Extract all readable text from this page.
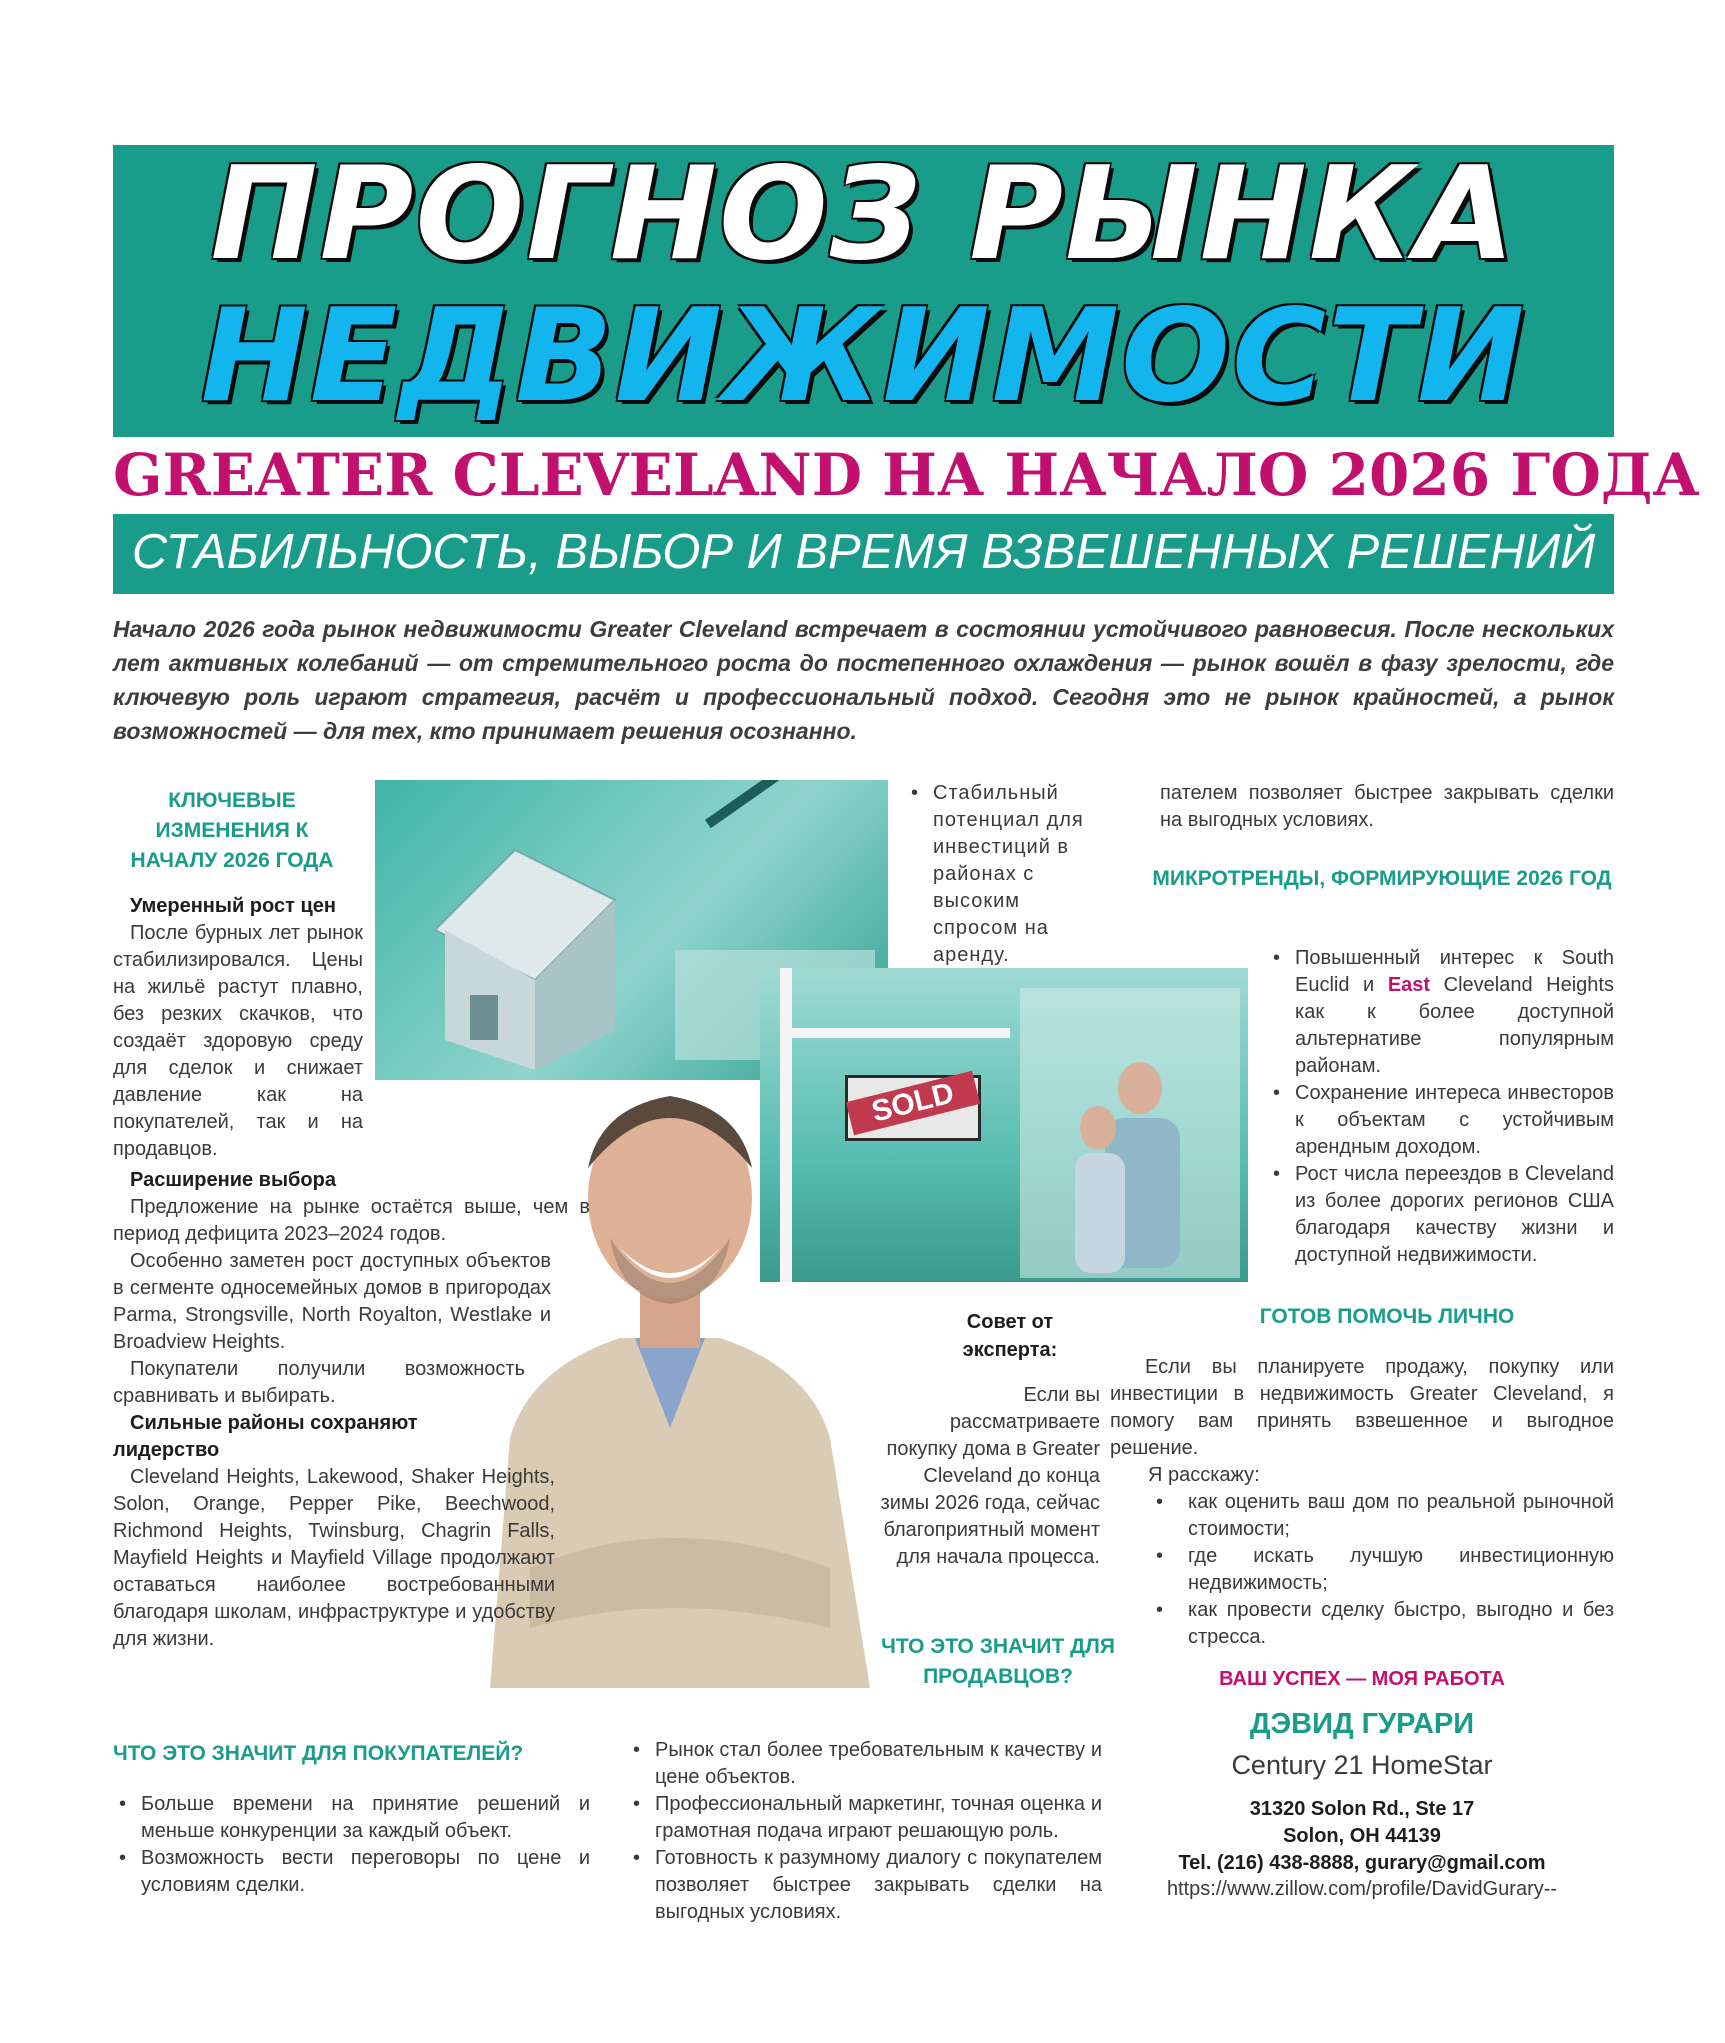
ПРОГНОЗ РЫНКА
НЕДВИЖИМОСТИ
GREATER CLEVELAND НА НАЧАЛО 2026 ГОДА
СТАБИЛЬНОСТЬ, ВЫБОР И ВРЕМЯ ВЗВЕШЕННЫХ РЕШЕНИЙ
Начало 2026 года рынок недвижимости Greater Cleveland встречает в состоянии устойчивого равновесия. После нескольких лет активных колебаний — от стремительного роста до постепенного охлаждения — рынок вошёл в фазу зрелости, где ключевую роль играют стратегия, расчёт и профессиональный подход. Сегодня это не рынок крайностей, а рынок возможностей — для тех, кто принимает решения осознанно.
SOLD
КЛЮЧЕВЫЕ ИЗМЕНЕНИЯ К НАЧАЛУ 2026 ГОДА
Умеренный рост цен
После бурных лет рынок стабилизировался. Цены на жильё растут плавно, без резких скачков, что создаёт здоровую среду для сделок и снижает давление как на покупателей, так и на продавцов.
Расширение выбора
Предложение на рынке остаётся выше, чем в период дефицита 2023–2024 годов.
Особенно заметен рост доступных объектов в сегменте односемейных домов в пригородах Parma, Strongsville, North Royalton, Westlake и Broadview Heights.
Покупатели получили возможность сравнивать и выбирать.
Сильные районы сохраняют лидерство
Cleveland Heights, Lakewood, Shaker Heights, Solon, Orange, Pepper Pike, Beechwood, Richmond Heights, Twinsburg, Chagrin Falls, Mayfield Heights и Mayfield Village продолжают оставаться наиболее востребованными благодаря школам, инфраструктуре и удобству для жизни.
ЧТО ЭТО ЗНАЧИТ ДЛЯ ПОКУПАТЕЛЕЙ?
• Больше времени на принятие решений и меньше конкуренции за каждый объект.
• Возможность вести переговоры по цене и условиям сделки.
• Стабильный потенциал для инвестиций в районах с высоким спросом на аренду.
Совет от эксперта:
Если вы рассматриваете покупку дома в Greater Cleveland до конца зимы 2026 года, сейчас благоприятный момент для начала процесса.
ЧТО ЭТО ЗНАЧИТ ДЛЯ ПРОДАВЦОВ?
• Рынок стал более требовательным к качеству и цене объектов.
• Профессиональный маркетинг, точная оценка и грамотная подача играют решающую роль.
• Готовность к разумному диалогу с покупателем позволяет быстрее закрывать сделки на выгодных условиях.
пателем позволяет быстрее закрывать сделки на выгодных условиях.
МИКРОТРЕНДЫ, ФОРМИРУЮЩИЕ 2026 ГОД
• Повышенный интерес к South Euclid и East Cleveland Heights как к более доступной альтернативе популярным районам.
• Сохранение интереса инвесторов к объектам с устойчивым арендным доходом.
• Рост числа переездов в Cleveland из более дорогих регионов США благодаря качеству жизни и доступной недвижимости.
ГОТОВ ПОМОЧЬ ЛИЧНО
Если вы планируете продажу, покупку или инвестиции в недвижимость Greater Cleveland, я помогу вам принять взвешенное и выгодное решение.
Я расскажу:
• как оценить ваш дом по реальной рыночной стоимости;
• где искать лучшую инвестиционную недвижимость;
• как провести сделку быстро, выгодно и без стресса.
ВАШ УСПЕХ — МОЯ РАБОТА
ДЭВИД ГУРАРИ
Century 21 HomeStar
31320 Solon Rd., Ste 17
Solon, OH 44139
Tel. (216) 438-8888, gurary@gmail.com
https://www.zillow.com/profile/DavidGurary--
